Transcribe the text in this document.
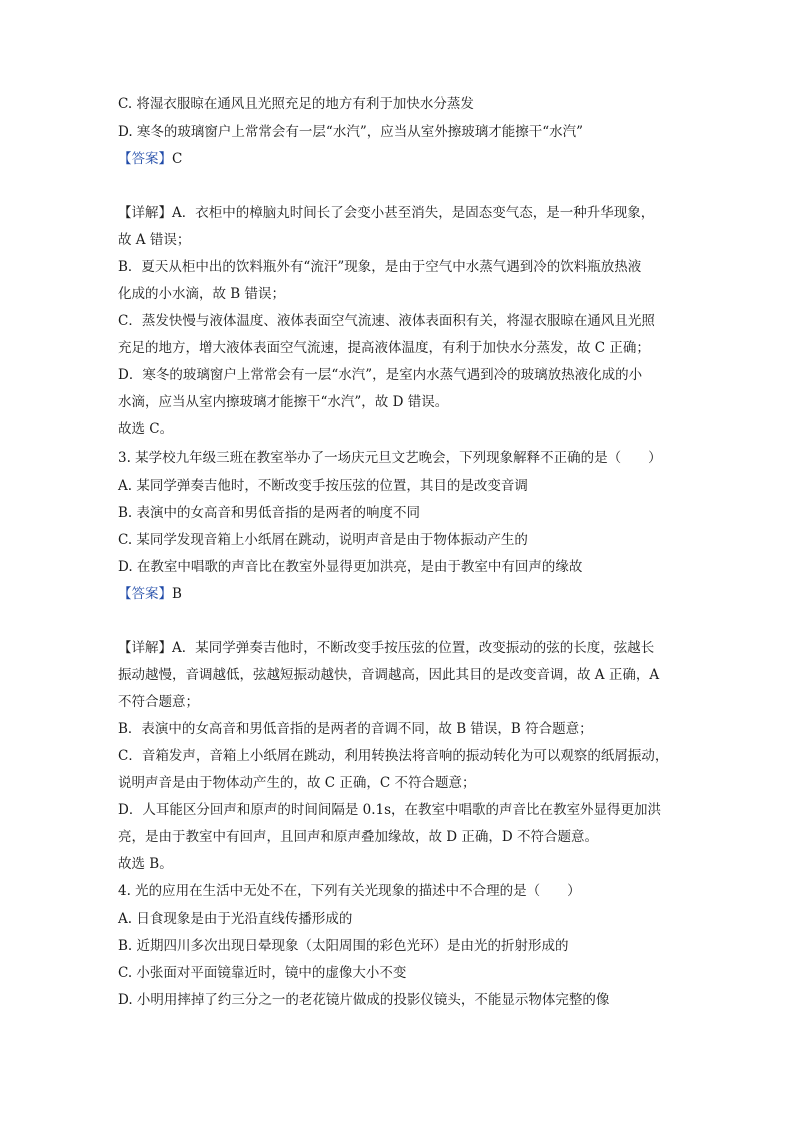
C. 将湿衣服晾在通风且光照充足的地方有利于加快水分蒸发
D. 寒冬的玻璃窗户上常常会有一层“水汽”，应当从室外擦玻璃才能擦干“水汽”
【答案】C
【详解】A．衣柜中的樟脑丸时间长了会变小甚至消失，是固态变气态，是一种升华现象，
故 A 错误；
B．夏天从柜中出的饮料瓶外有“流汗”现象，是由于空气中水蒸气遇到冷的饮料瓶放热液
化成的小水滴，故 B 错误；
C．蒸发快慢与液体温度、液体表面空气流速、液体表面积有关，将湿衣服晾在通风且光照
充足的地方，增大液体表面空气流速，提高液体温度，有利于加快水分蒸发，故 C 正确；
D．寒冬的玻璃窗户上常常会有一层“水汽”，是室内水蒸气遇到冷的玻璃放热液化成的小
水滴，应当从室内擦玻璃才能擦干“水汽”，故 D 错误。
故选 C。
3. 某学校九年级三班在教室举办了一场庆元旦文艺晚会，下列现象解释不正确的是（　　）
A. 某同学弹奏吉他时，不断改变手按压弦的位置，其目的是改变音调
B. 表演中的女高音和男低音指的是两者的响度不同
C. 某同学发现音箱上小纸屑在跳动，说明声音是由于物体振动产生的
D. 在教室中唱歌的声音比在教室外显得更加洪亮，是由于教室中有回声的缘故
【答案】B
【详解】A．某同学弹奏吉他时，不断改变手按压弦的位置，改变振动的弦的长度，弦越长
振动越慢，音调越低，弦越短振动越快，音调越高，因此其目的是改变音调，故 A 正确，A
不符合题意；
B．表演中的女高音和男低音指的是两者的音调不同，故 B 错误，B 符合题意；
C．音箱发声，音箱上小纸屑在跳动，利用转换法将音响的振动转化为可以观察的纸屑振动，
说明声音是由于物体动产生的，故 C 正确，C 不符合题意；
D．人耳能区分回声和原声的时间间隔是 0.1s，在教室中唱歌的声音比在教室外显得更加洪
亮，是由于教室中有回声，且回声和原声叠加缘故，故 D 正确，D 不符合题意。
故选 B。
4. 光的应用在生活中无处不在，下列有关光现象的描述中不合理的是（　　）
A. 日食现象是由于光沿直线传播形成的
B. 近期四川多次出现日晕现象（太阳周围的彩色光环）是由光的折射形成的
C. 小张面对平面镜靠近时，镜中的虚像大小不变
D. 小明用摔掉了约三分之一的老花镜片做成的投影仪镜头，不能显示物体完整的像
